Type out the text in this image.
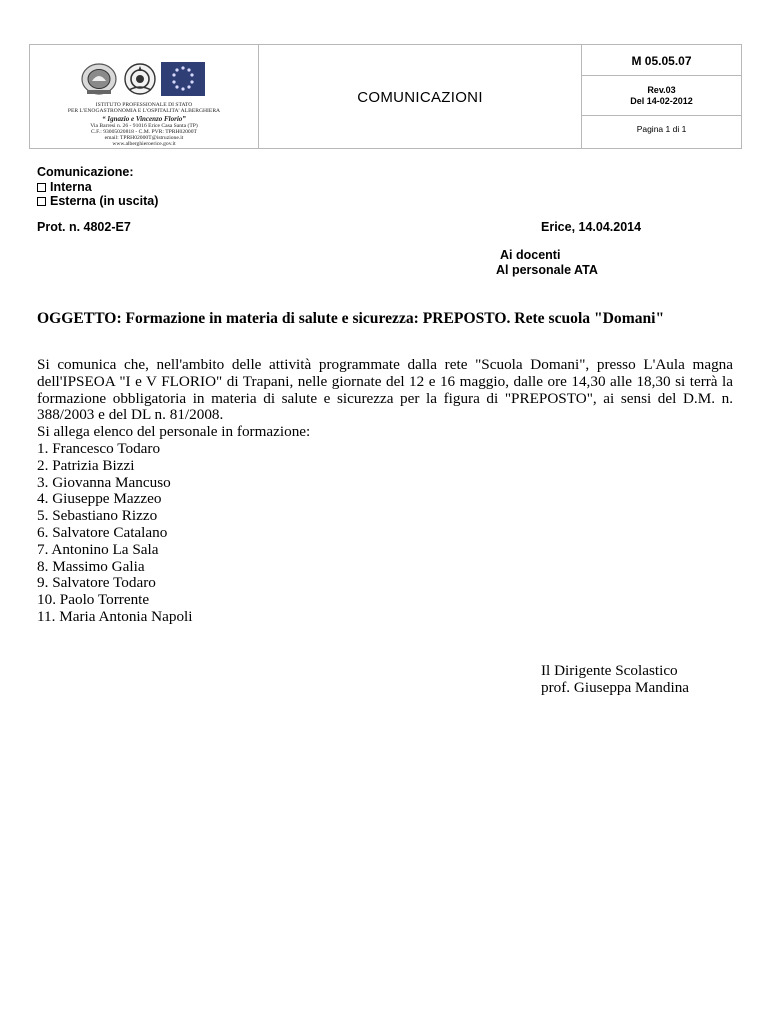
ISTITUTO PROFESSIONALE DI STATO
PER L'ENOGASTRONOMIA E L'OSPITALITA' ALBERGHIERA
“ Ignazio e Vincenzo Florio”
Via Barresi n. 26 - 91016 Erice Casa Santa (TP)
C.F.: 93005020818 - C.M. PVR: TPRH02000T
email: TPRH02000T@istruzione.it
www.alberghieroerice.gov.it
COMUNICAZIONI
M 05.05.07
Rev.03
Del 14-02-2012
Pagina 1 di 1
Comunicazione:
Interna
Esterna (in uscita)
Prot. n. 4802-E7	Erice, 14.04.2014
Ai docenti
Al personale ATA
OGGETTO: Formazione in materia di salute e sicurezza: PREPOSTO. Rete scuola "Domani"
Si comunica che, nell'ambito delle attività programmate dalla rete "Scuola Domani", presso L'Aula magna dell'IPSEOA "I e V FLORIO" di Trapani, nelle giornate del 12 e 16 maggio, dalle ore 14,30 alle 18,30 si terrà la formazione obbligatoria in materia di salute e sicurezza per la figura di "PREPOSTO", ai sensi del D.M. n. 388/2003 e del DL n. 81/2008.
Si allega elenco del personale in formazione:
1. Francesco Todaro
2. Patrizia Bizzi
3. Giovanna Mancuso
4. Giuseppe Mazzeo
5. Sebastiano Rizzo
6. Salvatore Catalano
7. Antonino La Sala
8. Massimo Galia
9. Salvatore Todaro
10. Paolo Torrente
11. Maria Antonia Napoli
Il Dirigente Scolastico
prof. Giuseppa Mandina
